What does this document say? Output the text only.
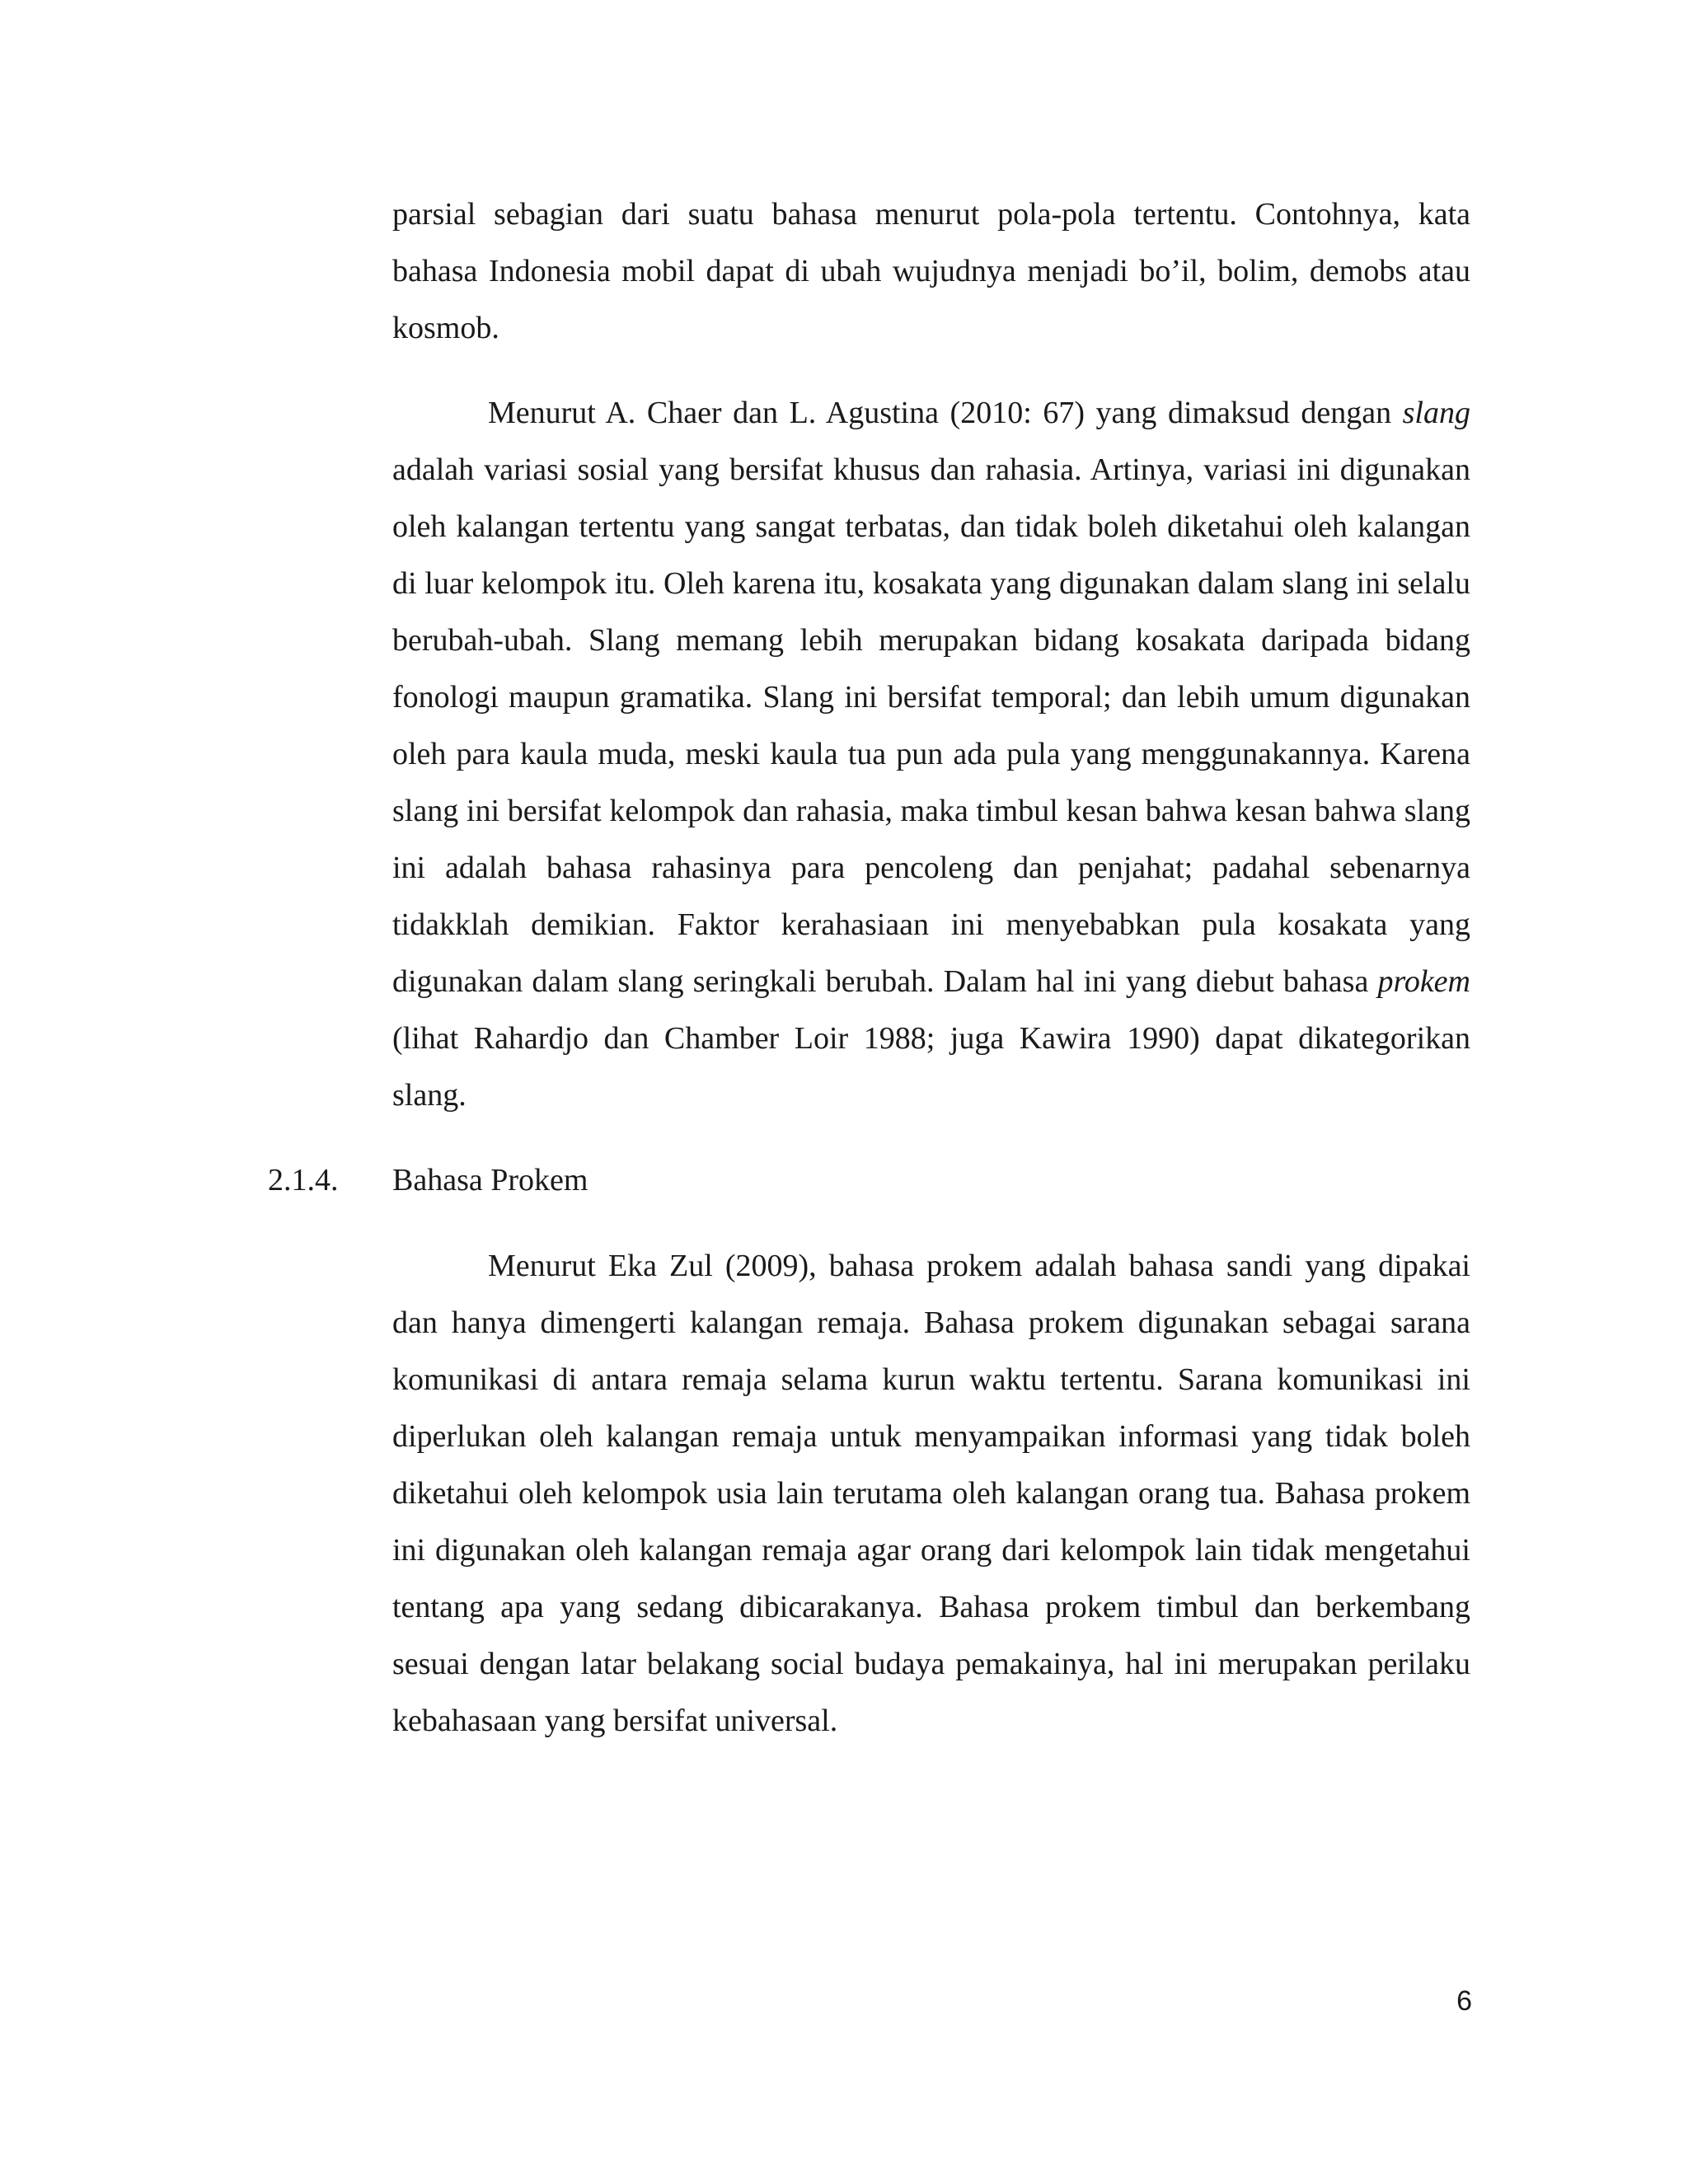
parsial sebagian dari suatu bahasa menurut pola-pola tertentu. Contohnya, kata bahasa Indonesia mobil dapat di ubah wujudnya menjadi bo’il, bolim, demobs atau kosmob.

Menurut A. Chaer dan L. Agustina (2010: 67) yang dimaksud dengan slang adalah variasi sosial yang bersifat khusus dan rahasia. Artinya, variasi ini digunakan oleh kalangan tertentu yang sangat terbatas, dan tidak boleh diketahui oleh kalangan di luar kelompok itu. Oleh karena itu, kosakata yang digunakan dalam slang ini selalu berubah-ubah. Slang memang lebih merupakan bidang kosakata daripada bidang fonologi maupun gramatika. Slang ini bersifat temporal; dan lebih umum digunakan oleh para kaula muda, meski kaula tua pun ada pula yang menggunakannya. Karena slang ini bersifat kelompok dan rahasia, maka timbul kesan bahwa kesan bahwa slang ini adalah bahasa rahasinya para pencoleng dan penjahat; padahal sebenarnya tidakklah demikian. Faktor kerahasiaan ini menyebabkan pula kosakata yang digunakan dalam slang seringkali berubah. Dalam hal ini yang diebut bahasa prokem (lihat Rahardjo dan Chamber Loir 1988; juga Kawira 1990) dapat dikategorikan slang.

2.1.4. Bahasa Prokem

Menurut Eka Zul (2009), bahasa prokem adalah bahasa sandi yang dipakai dan hanya dimengerti kalangan remaja. Bahasa prokem digunakan sebagai sarana komunikasi di antara remaja selama kurun waktu tertentu. Sarana komunikasi ini diperlukan oleh kalangan remaja untuk menyampaikan informasi yang tidak boleh diketahui oleh kelompok usia lain terutama oleh kalangan orang tua. Bahasa prokem ini digunakan oleh kalangan remaja agar orang dari kelompok lain tidak mengetahui tentang apa yang sedang dibicarakanya. Bahasa prokem timbul dan berkembang sesuai dengan latar belakang social budaya pemakainya, hal ini merupakan perilaku kebahasaan yang bersifat universal.

6
